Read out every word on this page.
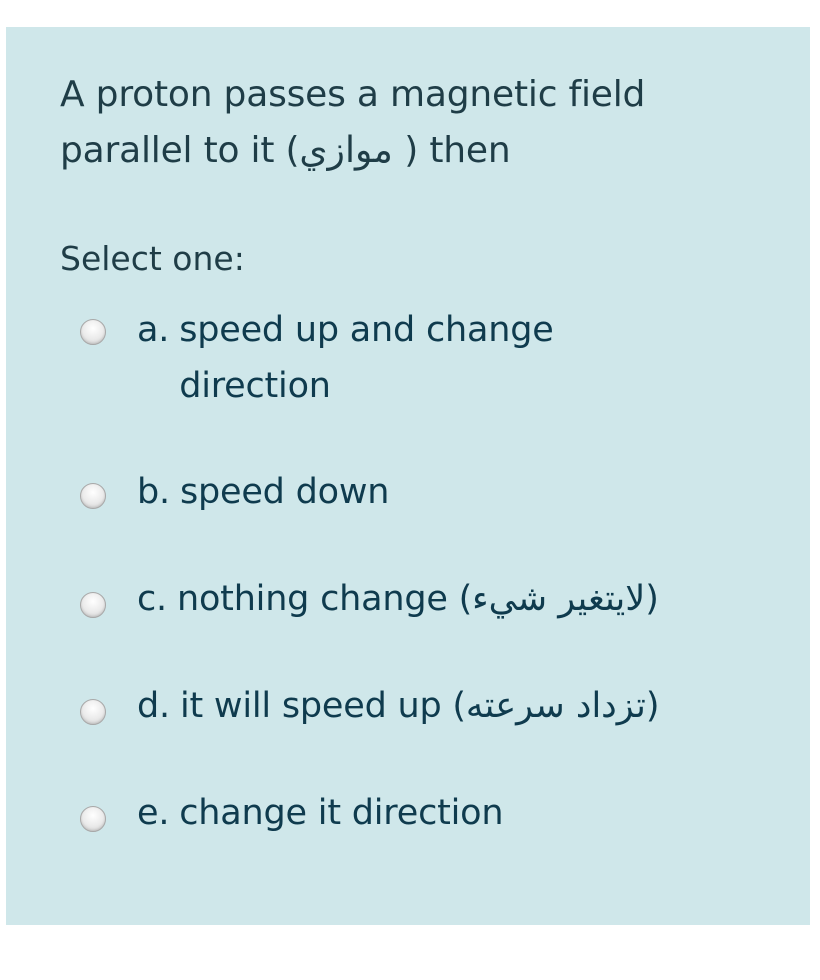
A proton passes a magnetic field parallel to it (موازي ) then

Select one:

a. speed up and change direction
b. speed down
c. nothing change (لايتغير شيء)
d. it will speed up (تزداد سرعته)
e. change it direction
